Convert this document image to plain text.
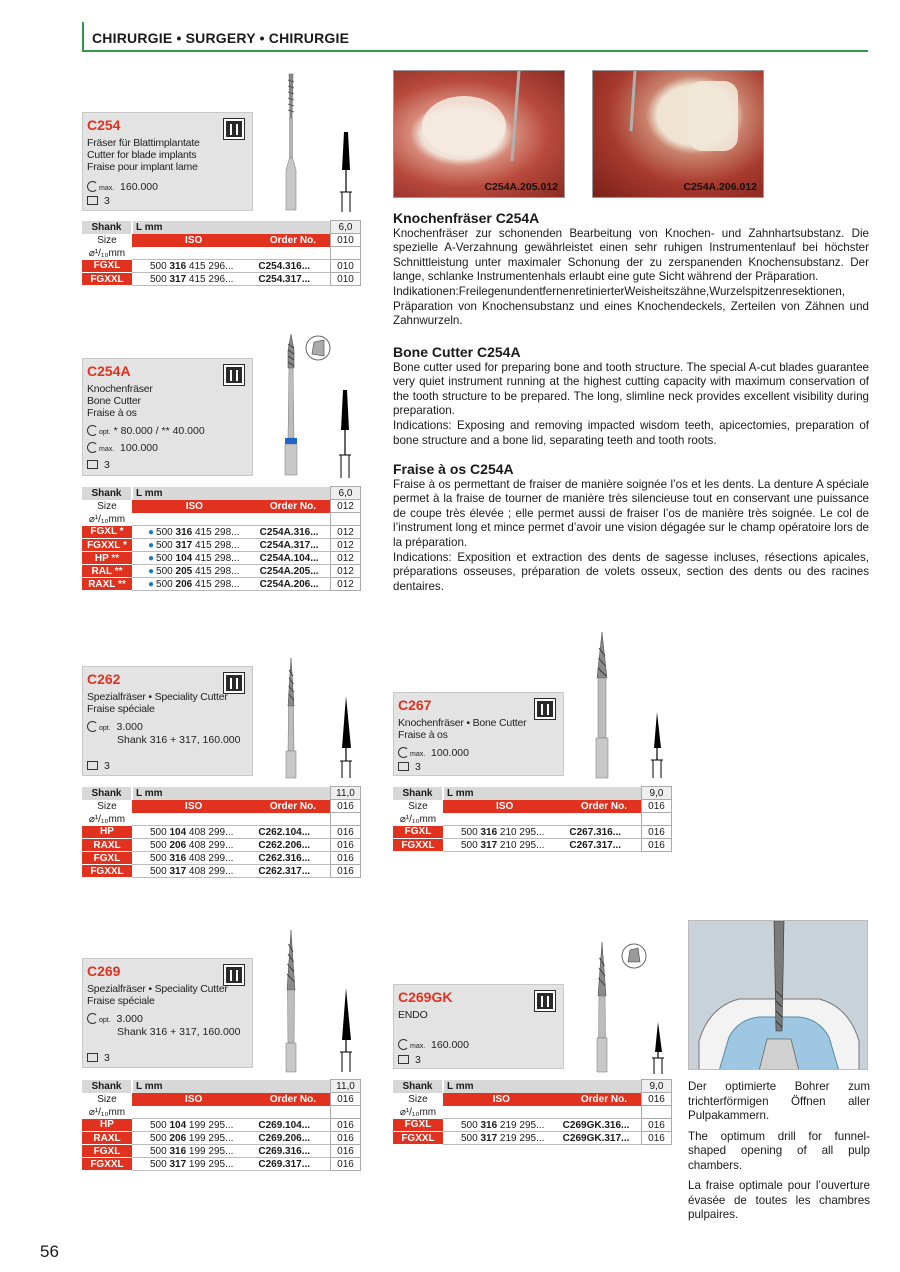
CHIRURGIE • SURGERY • CHIRURGIE
C254
Fräser für Blattimplantate
Cutter for blade implants
Fraise pour implant lame
max. 160.000
3
Shank	L mm		6,0
Size	ISO	Order No.	010
⌀¹/₁₀mm			
FGXL	500 316 415 296...	C254.316...	010
FGXXL	500 317 415 296...	C254.317...	010
C254A
Knochenfräser
Bone Cutter
Fraise à os
opt. * 80.000 / ** 40.000
max. 100.000
3
Shank	L mm		6,0
Size	ISO	Order No.	012
⌀¹/₁₀mm			
FGXL *	● 500 316 415 298...	C254A.316...	012
FGXXL *	● 500 317 415 298...	C254A.317...	012
HP **	● 500 104 415 298...	C254A.104...	012
RAL **	● 500 205 415 298...	C254A.205...	012
RAXL **	● 500 206 415 298...	C254A.206...	012
C254A.205.012	C254A.206.012
Knochenfräser C254A

Knochenfräser zur schonenden Bearbeitung von Knochen- und Zahnhartsubstanz. Die spezielle A-Verzahnung gewährleistet einen sehr ruhigen Instrumentenlauf bei höchster Schnittleistung unter maximaler Schonung der zu zerspanenden Knochensubstanz. Der lange, schlanke Instrumentenhals erlaubt eine gute Sicht während der Präparation.

Indikationen:FreilegenundentfernenretinierterWeisheitszähne,Wurzelspitzenresektionen, Präparation von Knochensubstanz und eines Knochendeckels, Zerteilen von Zähnen und Zahnwurzeln.

Bone Cutter C254A

Bone cutter used for preparing bone and tooth structure. The special A-cut blades guarantee very quiet instrument running at the highest cutting capacity with maximum conservation of the tooth structure to be prepared. The long, slimline neck provides excellent visibility during preparation.

Indications: Exposing and removing impacted wisdom teeth, apicectomies, preparation of bone structure and a bone lid, separating teeth and tooth roots.

Fraise à os C254A

Fraise à os permettant de fraiser de manière soignée l’os et les dents. La denture A spéciale permet à la fraise de tourner de manière très silencieuse tout en conservant une puissance de coupe très élevée ; elle permet aussi de fraiser l’os de manière très soignée. Le col de l’instrument long et mince permet d’avoir une vision dégagée sur le champ opératoire lors de la préparation.

Indications: Exposition et extraction des dents de sagesse incluses, résections apicales, préparations osseuses, préparation de volets osseux, section des dents ou des racines dentaires.

C262
Spezialfräser • Speciality Cutter
Fraise spéciale
opt. 3.000
Shank 316 + 317, 160.000
3
Shank	L mm		11,0
Size	ISO	Order No.	016
⌀¹/₁₀mm			
HP	500 104 408 299...	C262.104...	016
RAXL	500 206 408 299...	C262.206...	016
FGXL	500 316 408 299...	C262.316...	016
FGXXL	500 317 408 299...	C262.317...	016
C267
Knochenfräser • Bone Cutter
Fraise à os
max. 100.000
3
Shank	L mm		9,0
Size	ISO	Order No.	016
⌀¹/₁₀mm			
FGXL	500 316 210 295...	C267.316...	016
FGXXL	500 317 210 295...	C267.317...	016
C269
Spezialfräser • Speciality Cutter
Fraise spéciale
opt. 3.000
Shank 316 + 317, 160.000
3
Shank	L mm		11,0
Size	ISO	Order No.	016
⌀¹/₁₀mm			
HP	500 104 199 295...	C269.104...	016
RAXL	500 206 199 295...	C269.206...	016
FGXL	500 316 199 295...	C269.316...	016
FGXXL	500 317 199 295...	C269.317...	016
C269GK
ENDO
max. 160.000
3
Shank	L mm		9,0
Size	ISO	Order No.	016
⌀¹/₁₀mm			
FGXL	500 316 219 295...	C269GK.316...	016
FGXXL	500 317 219 295...	C269GK.317...	016

Der optimierte Bohrer zum trichterförmigen Öffnen aller Pulpakammern.

The optimum drill for funnel-shaped opening of all pulp chambers.

La fraise optimale pour l’ouverture évasée de toutes les chambres pulpaires.

56
